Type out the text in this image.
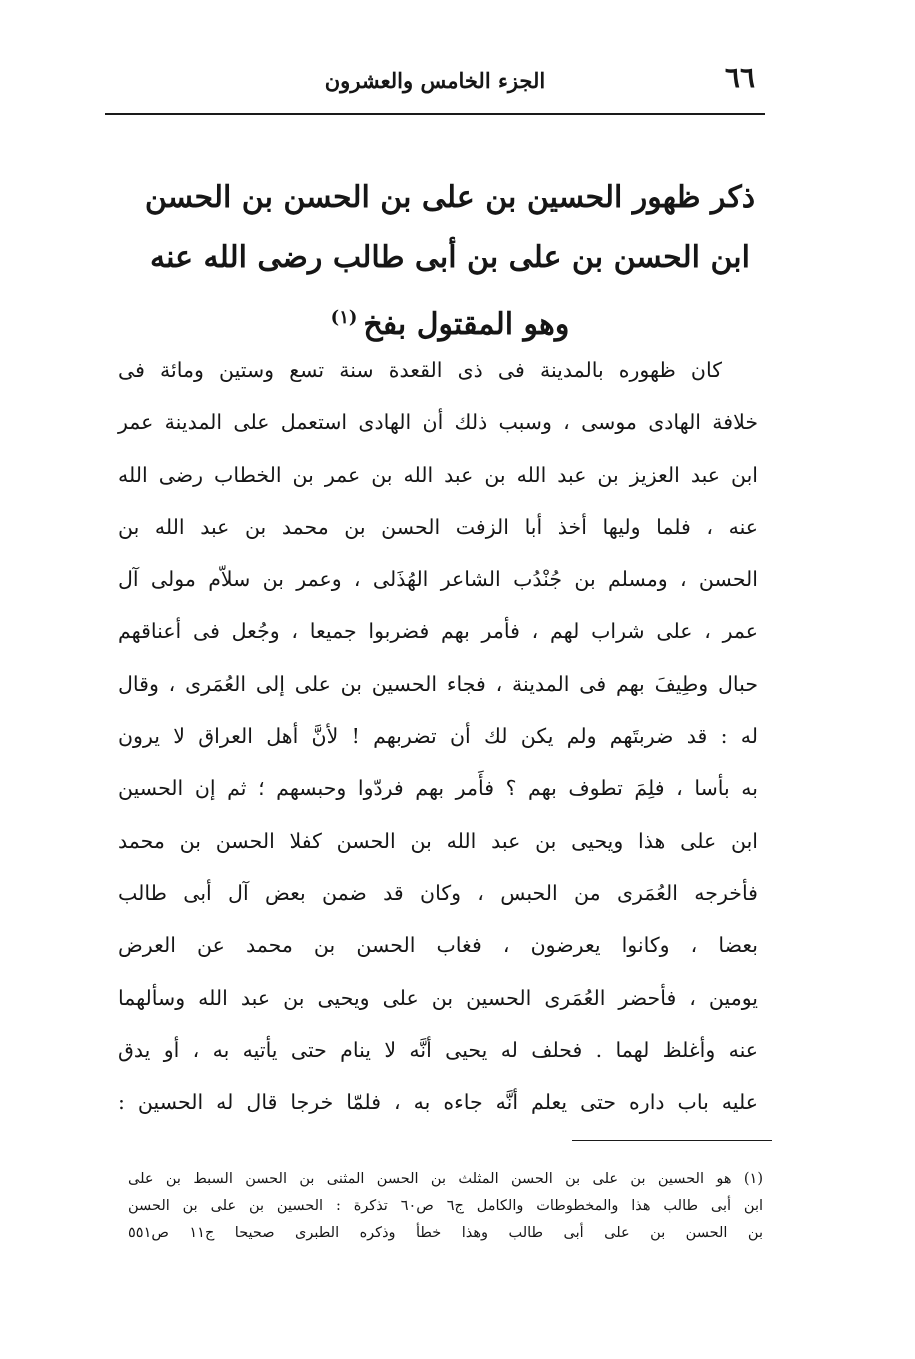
٦٦
الجزء الخامس والعشرون
ذكر ظهور الحسين بن على بن الحسن بن الحسن
ابن الحسن بن على بن أبى طالب رضى الله عنه
وهو المقتول بفخ$^{(١)}$
كان ظهوره بالمدينة فى ذى القعدة سنة تسع وستين ومائة فى
خلافة الهادى موسى ، وسبب ذلك أن الهادى استعمل على المدينة عمر
ابن عبد العزيز بن عبد الله بن عبد الله بن عمر بن الخطاب رضى الله
عنه ، فلما وليها أخذ أبا الزفت الحسن بن محمد بن عبد الله بن
الحسن ، ومسلم بن جُنْدُب الشاعر الهُذَلى ، وعمر بن سلاّم مولى آل
عمر ، على شراب لهم ، فأمر بهم فضربوا جميعا ، وجُعل فى أعناقهم
حبال وطِيفَ بهم فى المدينة ، فجاء الحسين بن على إلى العُمَرى ، وقال
له : قد ضربتَهم ولم يكن لك أن تضربهم ! لأنَّ أهل العراق لا يرون
به بأسا ، فلِمَ تطوف بهم ؟ فأَمر بهم فردّوا وحبسهم ؛ ثم إن الحسين
ابن على هذا ويحيى بن عبد الله بن الحسن كفلا الحسن بن محمد
فأخرجه العُمَرى من الحبس ، وكان قد ضمن بعض آل أبى طالب
بعضا ، وكانوا يعرضون ، فغاب الحسن بن محمد عن العرض
يومين ، فأحضر العُمَرى الحسين بن على ويحيى بن عبد الله وسألهما
عنه وأغلظ لهما . فحلف له يحيى أنَّه لا ينام حتى يأتيه به ، أو يدق
عليه باب داره حتى يعلم أنَّه جاءه به ، فلمّا خرجا قال له الحسين :
(١) هو الحسين بن على بن الحسن المثلث بن الحسن المثنى بن الحسن السبط بن على
ابن أبى طالب هذا والمخطوطات والكامل ج٦ ص٦٠ تذكرة : الحسين بن على بن الحسن
بن الحسن بن على أبى طالب وهذا خطأ وذكره الطبرى صحيحا ج١١ ص٥٥١
